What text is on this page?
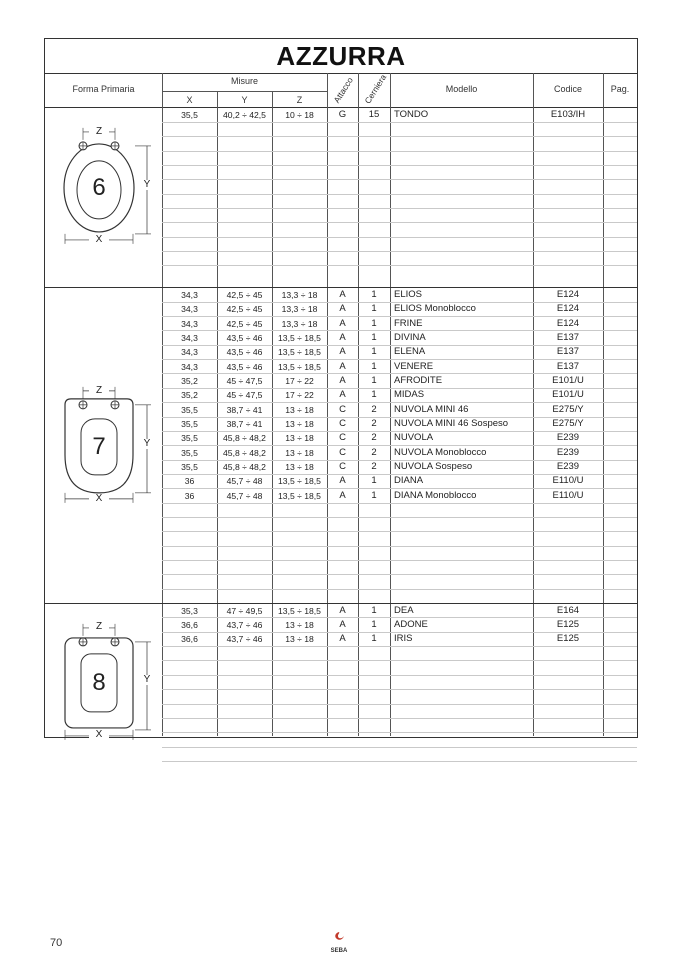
AZZURRA
Forma Primaria
Misure
X	Y	Z	Attacco Cerniera	Modello	Codice	Pag.
35,5	40,2 ÷ 42,5	10 ÷ 18	G	15	TONDO	E103/IH
6
Z
X
Y
34,3	42,5 ÷ 45	13,3 ÷ 18	A	1	ELIOS	E124
34,3	42,5 ÷ 45	13,3 ÷ 18	A	1	ELIOS Monoblocco	E124
34,3	42,5 ÷ 45	13,3 ÷ 18	A	1	FRINE	E124
34,3	43,5 ÷ 46	13,5 ÷ 18,5	A	1	DIVINA	E137
34,3	43,5 ÷ 46	13,5 ÷ 18,5	A	1	ELENA	E137
34,3	43,5 ÷ 46	13,5 ÷ 18,5	A	1	VENERE	E137
35,2	45 ÷ 47,5	17 ÷ 22	A	1	AFRODITE	E101/U
35,2	45 ÷ 47,5	17 ÷ 22	A	1	MIDAS	E101/U
35,5	38,7 ÷ 41	13 ÷ 18	C	2	NUVOLA MINI 46	E275/Y
35,5	38,7 ÷ 41	13 ÷ 18	C	2	NUVOLA MINI 46 Sospeso	E275/Y
35,5	45,8 ÷ 48,2	13 ÷ 18	C	2	NUVOLA	E239
35,5	45,8 ÷ 48,2	13 ÷ 18	C	2	NUVOLA Monoblocco	E239
35,5	45,8 ÷ 48,2	13 ÷ 18	C	2	NUVOLA Sospeso	E239
36	45,7 ÷ 48	13,5 ÷ 18,5	A	1	DIANA	E110/U
36	45,7 ÷ 48	13,5 ÷ 18,5	A	1	DIANA Monoblocco	E110/U
7
Z
X
Y
35,3	47 ÷ 49,5	13,5 ÷ 18,5	A	1	DEA	E164
36,6	43,7 ÷ 46	13 ÷ 18	A	1	ADONE	E125
36,6	43,7 ÷ 46	13 ÷ 18	A	1	IRIS	E125
8
Z
X
Y
70
SEBA
